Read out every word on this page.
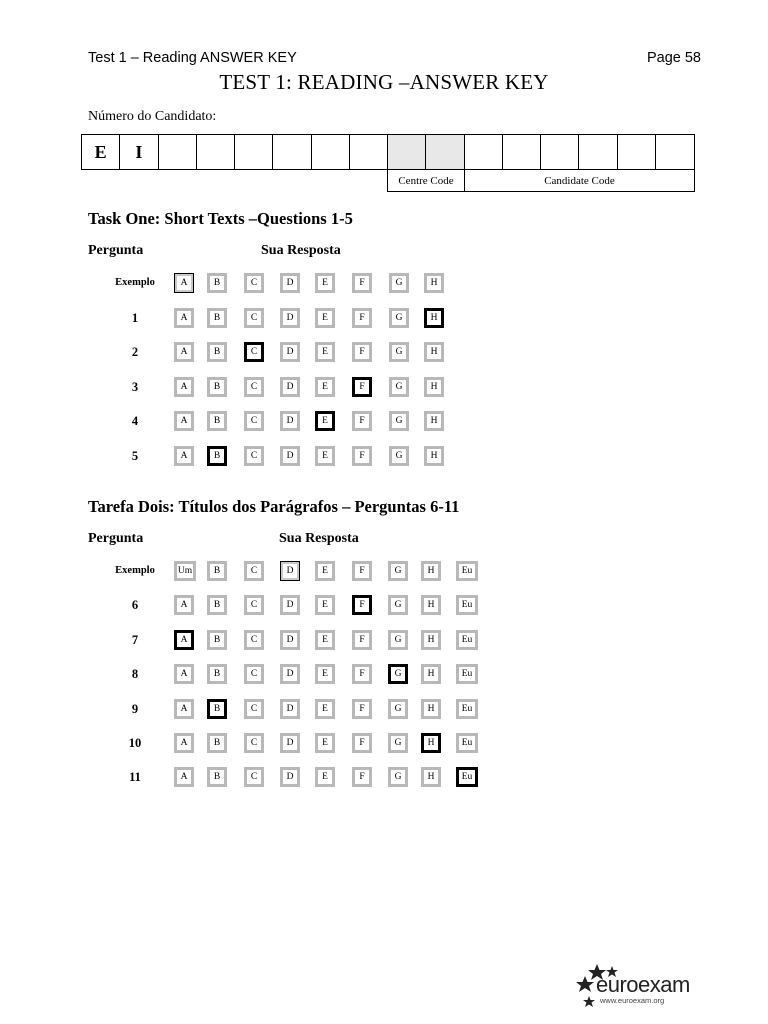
Test 1 – Reading ANSWER KEY	Page 58
TEST 1: READING –ANSWER KEY
Número do Candidato:
E	I
Centre Code	Candidate Code
Task One: Short Texts –Questions 1-5
Pergunta	Sua Resposta
Exemplo	A	B	C	D	E	F	G	H
1	A	B	C	D	E	F	G	H
2	A	B	C	D	E	F	G	H
3	A	B	C	D	E	F	G	H
4	A	B	C	D	E	F	G	H
5	A	B	C	D	E	F	G	H
Tarefa Dois: Títulos dos Parágrafos – Perguntas 6-11
Pergunta	Sua Resposta
Exemplo	Um	B	C	D	E	F	G	H	Eu
6	A	B	C	D	E	F	G	H	Eu
7	A	B	C	D	E	F	G	H	Eu
8	A	B	C	D	E	F	G	H	Eu
9	A	B	C	D	E	F	G	H	Eu
10	A	B	C	D	E	F	G	H	Eu
11	A	B	C	D	E	F	G	H	Eu
euroexam
www.euroexam.org
